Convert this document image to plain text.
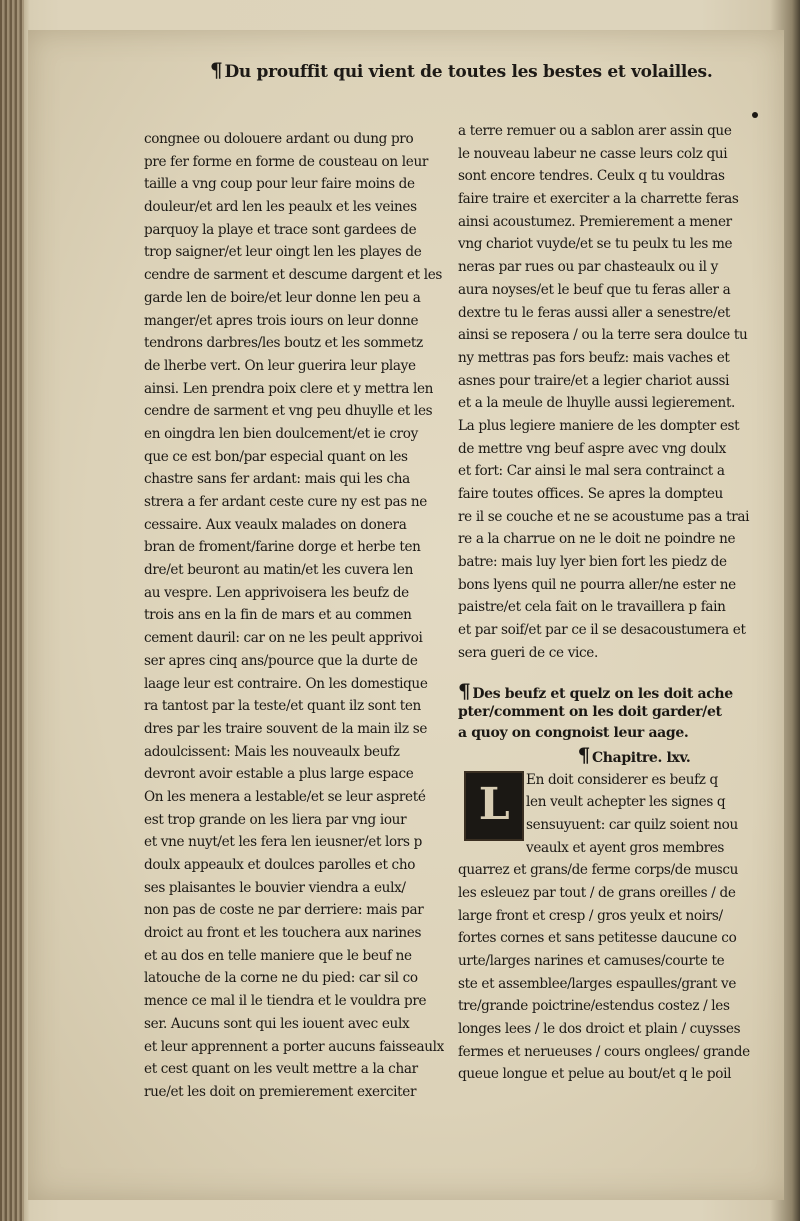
¶ Du prouffit qui vient de toutes les bestes et volailles.
congnee ou dolouere ardant ou dung pro
pre fer forme en forme de cousteau on leur
taille a vng coup pour leur faire moins de
douleur/et ard len les peaulx et les veines
parquoy la playe et trace sont gardees de
trop saigner/et leur oingt len les playes de
cendre de sarment et descume dargent et les
garde len de boire/et leur donne len peu a
manger/et apres trois iours on leur donne
tendrons darbres/les boutz et les sommetz
de lherbe vert. On leur guerira leur playe
ainsi. Len prendra poix clere et y mettra len
cendre de sarment et vng peu dhuylle et les
en oingdra len bien doulcement/et ie croy
que ce est bon/par especial quant on les
chastre sans fer ardant: mais qui les cha
strera a fer ardant ceste cure ny est pas ne
cessaire. Aux veaulx malades on donera
bran de froment/farine dorge et herbe ten
dre/et beuront au matin/et les cuvera len
au vespre. Len apprivoisera les beufz de
trois ans en la fin de mars et au commen
cement dauril: car on ne les peult apprivoi
ser apres cinq ans/pource que la durte de
laage leur est contraire. On les domestique
ra tantost par la teste/et quant ilz sont ten
dres par les traire souvent de la main ilz se
adoulcissent: Mais les nouveaulx beufz
devront avoir estable a plus large espace
On les menera a lestable/et se leur aspreté
est trop grande on les liera par vng iour
et vne nuyt/et les fera len ieusner/et lors p
doulx appeaulx et doulces parolles et cho
ses plaisantes le bouvier viendra a eulx/
non pas de coste ne par derriere: mais par
droict au front et les touchera aux narines
et au dos en telle maniere que le beuf ne
latouche de la corne ne du pied: car sil co
mence ce mal il le tiendra et le vouldra pre
ser. Aucuns sont qui les iouent avec eulx
et leur apprennent a porter aucuns faisseaulx
et cest quant on les veult mettre a la char
rue/et les doit on premierement exerciter
a terre remuer ou a sablon arer assin que
le nouveau labeur ne casse leurs colz qui
sont encore tendres. Ceulx q tu vouldras
faire traire et exerciter a la charrette feras
ainsi acoustumez. Premierement a mener
vng chariot vuyde/et se tu peulx tu les me
neras par rues ou par chasteaulx ou il y
aura noyses/et le beuf que tu feras aller a
dextre tu le feras aussi aller a senestre/et
ainsi se reposera / ou la terre sera doulce tu
ny mettras pas fors beufz: mais vaches et
asnes pour traire/et a legier chariot aussi
et a la meule de lhuylle aussi legierement.
La plus legiere maniere de les dompter est
de mettre vng beuf aspre avec vng doulx
et fort: Car ainsi le mal sera contrainct a
faire toutes offices. Se apres la domptеu
re il se couche et ne se acoustume pas a trai
re a la charrue on ne le doit ne poindre ne
batre: mais luy lyer bien fort les piedz de
bons lyens quil ne pourra aller/ne ester ne
paistre/et cela fait on le travaillera p fain
et par soif/et par ce il se desacoustumera et
sera gueri de ce vice.
¶ Des beufz et quelz on les doit ache
pter/comment on les doit garder/et
a quoy on congnoist leur aage.
¶ Chapitre. lxv.
L	En doit considerer es beufz q
len veult achepter les signes q
sensuyuent: car quilz soient nou
veaulx et ayent gros membres
quarrez et grans/de ferme corps/de muscu
les esleuez par tout / de grans oreilles / de
large front et cresp / gros yeulx et noirs/
fortes cornes et sans petitesse daucune co
urte/larges narines et camuses/courte te
ste et assemblee/larges espaulles/grant ve
tre/grande poictrine/estendus costez / les
longes lees / le dos droict et plain / cuysses
fermes et nerueuses / cours onglees/ grande
queue longue et pelue au bout/et q le poil
